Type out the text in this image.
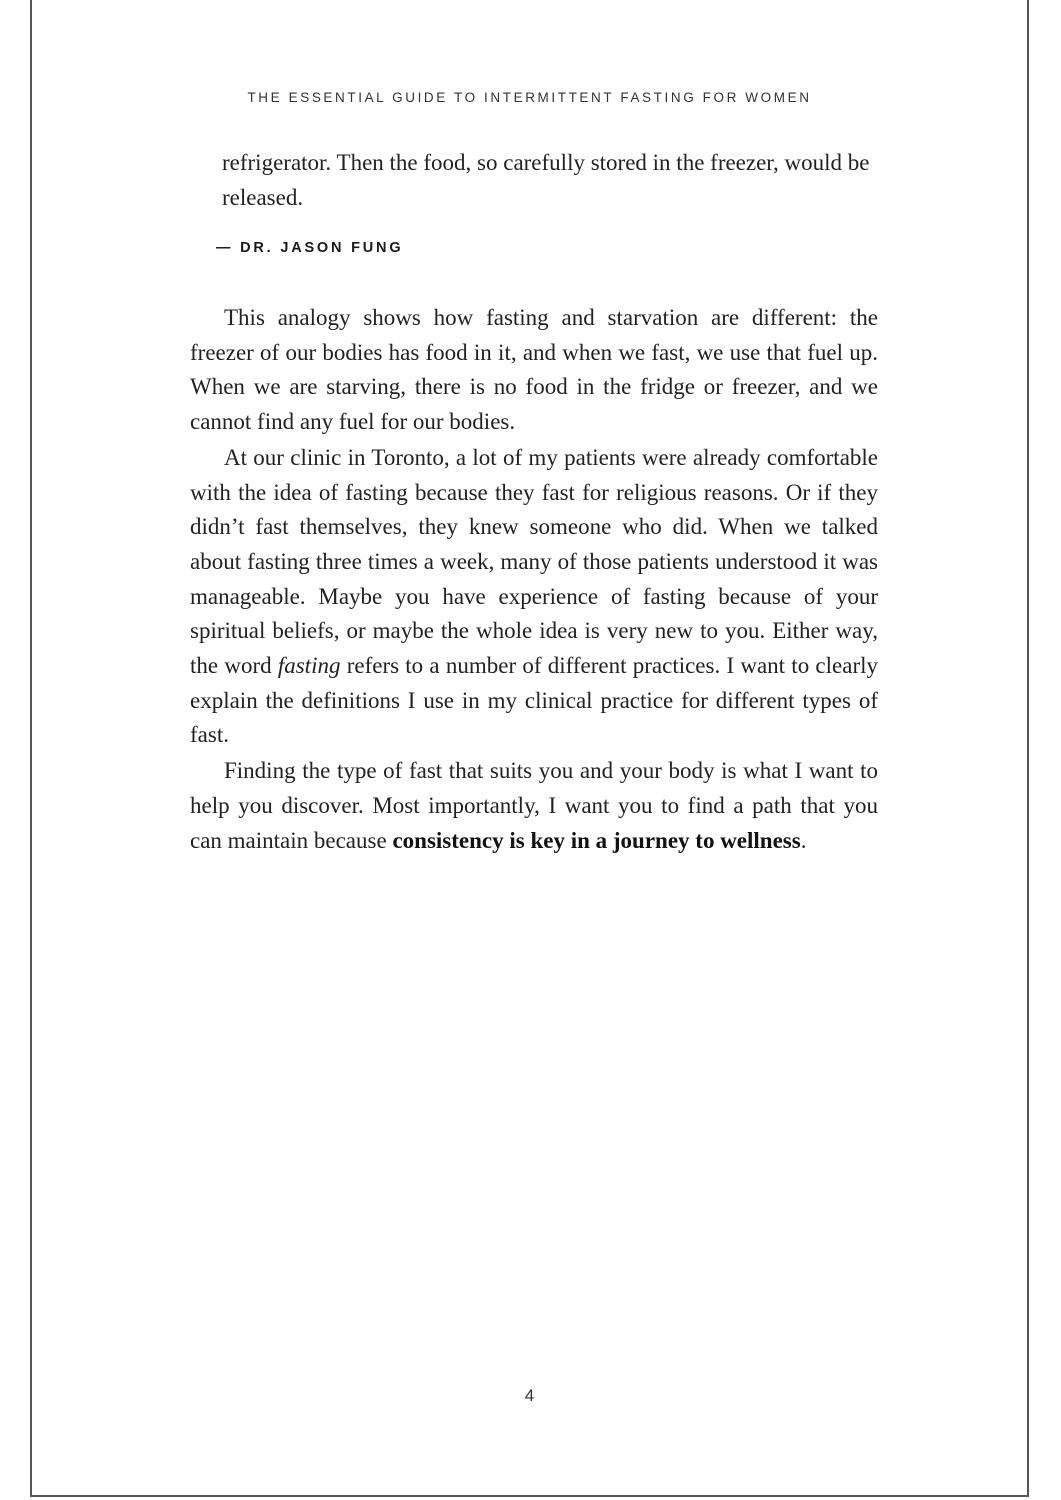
THE ESSENTIAL GUIDE TO INTERMITTENT FASTING FOR WOMEN

refrigerator. Then the food, so carefully stored in the freezer, would be released.

— DR. JASON FUNG

This analogy shows how fasting and starvation are different: the freezer of our bodies has food in it, and when we fast, we use that fuel up. When we are starving, there is no food in the fridge or freezer, and we cannot find any fuel for our bodies.

At our clinic in Toronto, a lot of my patients were already comfortable with the idea of fasting because they fast for religious reasons. Or if they didn’t fast themselves, they knew someone who did. When we talked about fasting three times a week, many of those patients understood it was manageable. Maybe you have experience of fasting because of your spiritual beliefs, or maybe the whole idea is very new to you. Either way, the word fasting refers to a number of different practices. I want to clearly explain the definitions I use in my clinical practice for different types of fast.

Finding the type of fast that suits you and your body is what I want to help you discover. Most importantly, I want you to find a path that you can maintain because consistency is key in a journey to wellness.

4
